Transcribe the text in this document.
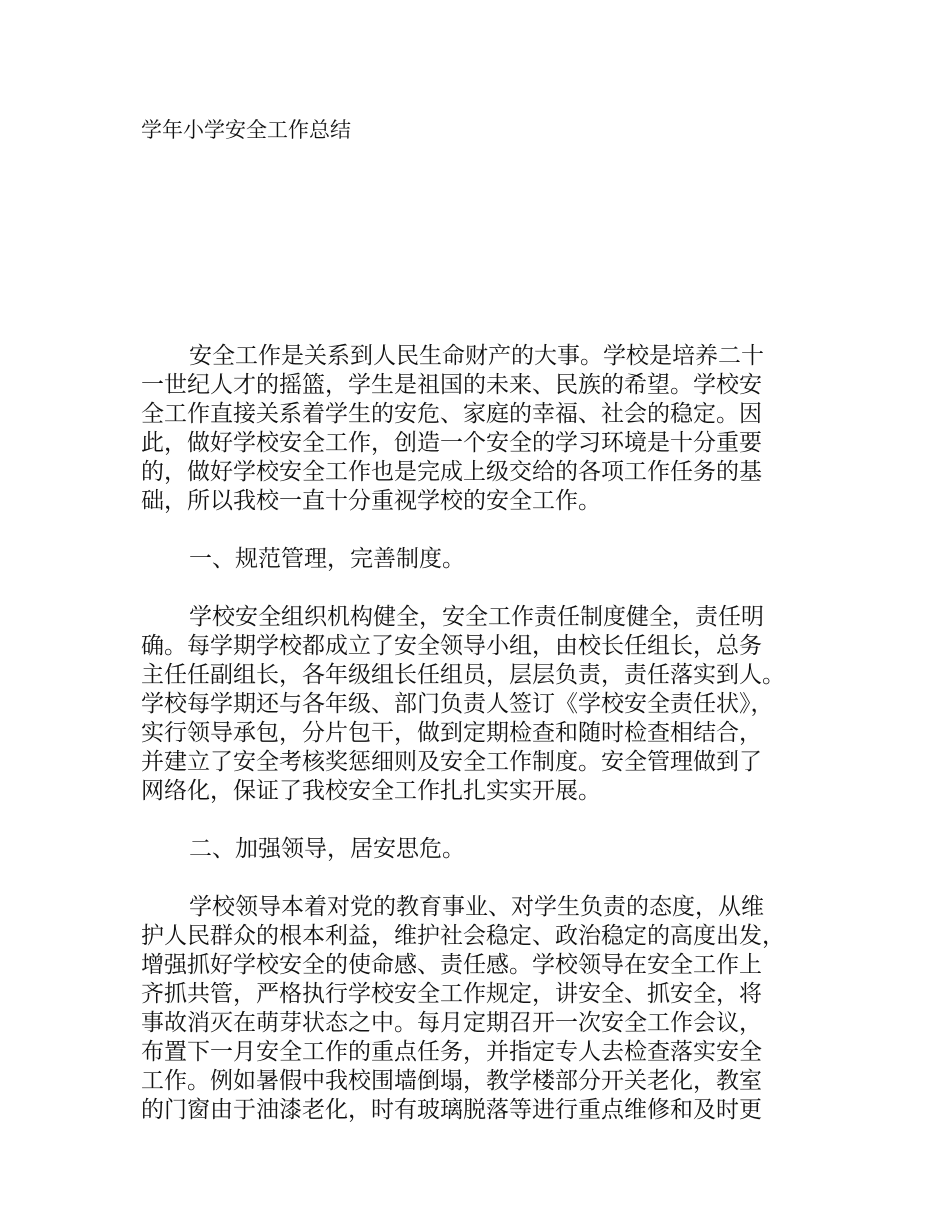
学年小学安全工作总结
安全工作是关系到人民生命财产的大事。学校是培养二十
一世纪人才的摇篮，学生是祖国的未来、民族的希望。学校安
全工作直接关系着学生的安危、家庭的幸福、社会的稳定。因
此，做好学校安全工作，创造一个安全的学习环境是十分重要
的，做好学校安全工作也是完成上级交给的各项工作任务的基
础，所以我校一直十分重视学校的安全工作。
一、规范管理，完善制度。
学校安全组织机构健全，安全工作责任制度健全，责任明
确。每学期学校都成立了安全领导小组，由校长任组长，总务
主任任副组长，各年级组长任组员，层层负责，责任落实到人。
学校每学期还与各年级、部门负责人签订《学校安全责任状》，
实行领导承包，分片包干，做到定期检查和随时检查相结合，
并建立了安全考核奖惩细则及安全工作制度。安全管理做到了
网络化，保证了我校安全工作扎扎实实开展。
二、加强领导，居安思危。
学校领导本着对党的教育事业、对学生负责的态度，从维
护人民群众的根本利益，维护社会稳定、政治稳定的高度出发，
增强抓好学校安全的使命感、责任感。学校领导在安全工作上
齐抓共管，严格执行学校安全工作规定，讲安全、抓安全，将
事故消灭在萌芽状态之中。每月定期召开一次安全工作会议，
布置下一月安全工作的重点任务，并指定专人去检查落实安全
工作。例如暑假中我校围墙倒塌，教学楼部分开关老化，教室
的门窗由于油漆老化，时有玻璃脱落等进行重点维修和及时更
